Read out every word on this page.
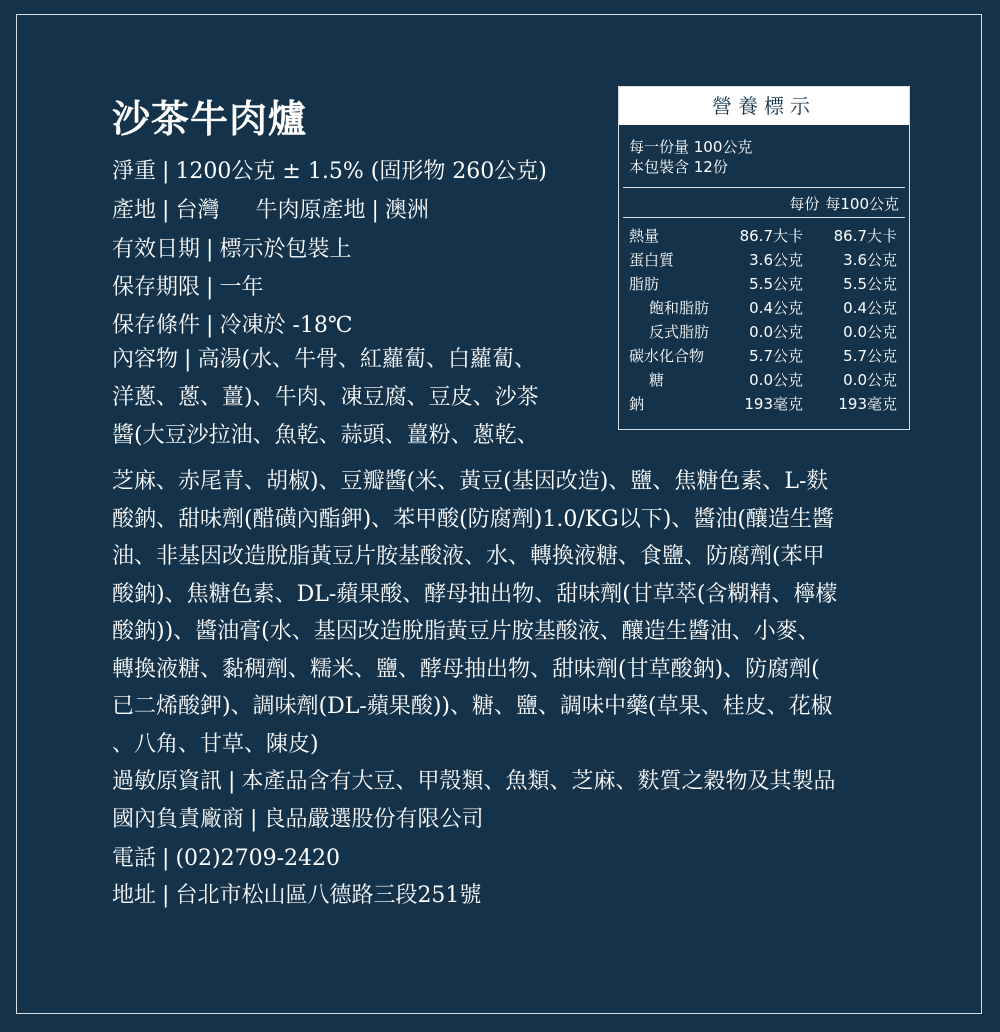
沙茶牛肉爐
淨重 | 1200公克 ± 1.5% (固形物 260公克)
產地 | 台灣 牛肉原產地 | 澳洲
有效日期 | 標示於包裝上
保存期限 | 一年
保存條件 | 冷凍於 -18℃
內容物 | 高湯(水、牛骨、紅蘿蔔、白蘿蔔、
洋蔥、蔥、薑)、牛肉、凍豆腐、豆皮、沙茶
醬(大豆沙拉油、魚乾、蒜頭、薑粉、蔥乾、
芝麻、赤尾青、胡椒)、豆瓣醬(米、黃豆(基因改造)、鹽、焦糖色素、L-麩
酸鈉、甜味劑(醋磺內酯鉀)、苯甲酸(防腐劑)1.0/KG以下)、醬油(釀造生醬
油、非基因改造脫脂黃豆片胺基酸液、水、轉換液糖、食鹽、防腐劑(苯甲
酸鈉)、焦糖色素、DL-蘋果酸、酵母抽出物、甜味劑(甘草萃(含糊精、檸檬
酸鈉))、醬油膏(水、基因改造脫脂黃豆片胺基酸液、釀造生醬油、小麥、
轉換液糖、黏稠劑、糯米、鹽、酵母抽出物、甜味劑(甘草酸鈉)、防腐劑(
已二烯酸鉀)、調味劑(DL-蘋果酸))、糖、鹽、調味中藥(草果、桂皮、花椒
、八角、甘草、陳皮)
過敏原資訊 | 本產品含有大豆、甲殼類、魚類、芝麻、麩質之穀物及其製品
國內負責廠商 | 良品嚴選股份有限公司
電話 | (02)2709-2420
地址 | 台北市松山區八德路三段251號
營養標示
每一份量 100公克
本包裝含 12份
每份 每100公克
熱量	86.7大卡 86.7大卡
蛋白質	3.6公克	3.6公克
脂肪	5.5公克	5.5公克
飽和脂肪	0.4公克	0.4公克
反式脂肪	0.0公克	0.0公克
碳水化合物	5.7公克	5.7公克
糖	0.0公克	0.0公克
鈉	193毫克 193毫克
